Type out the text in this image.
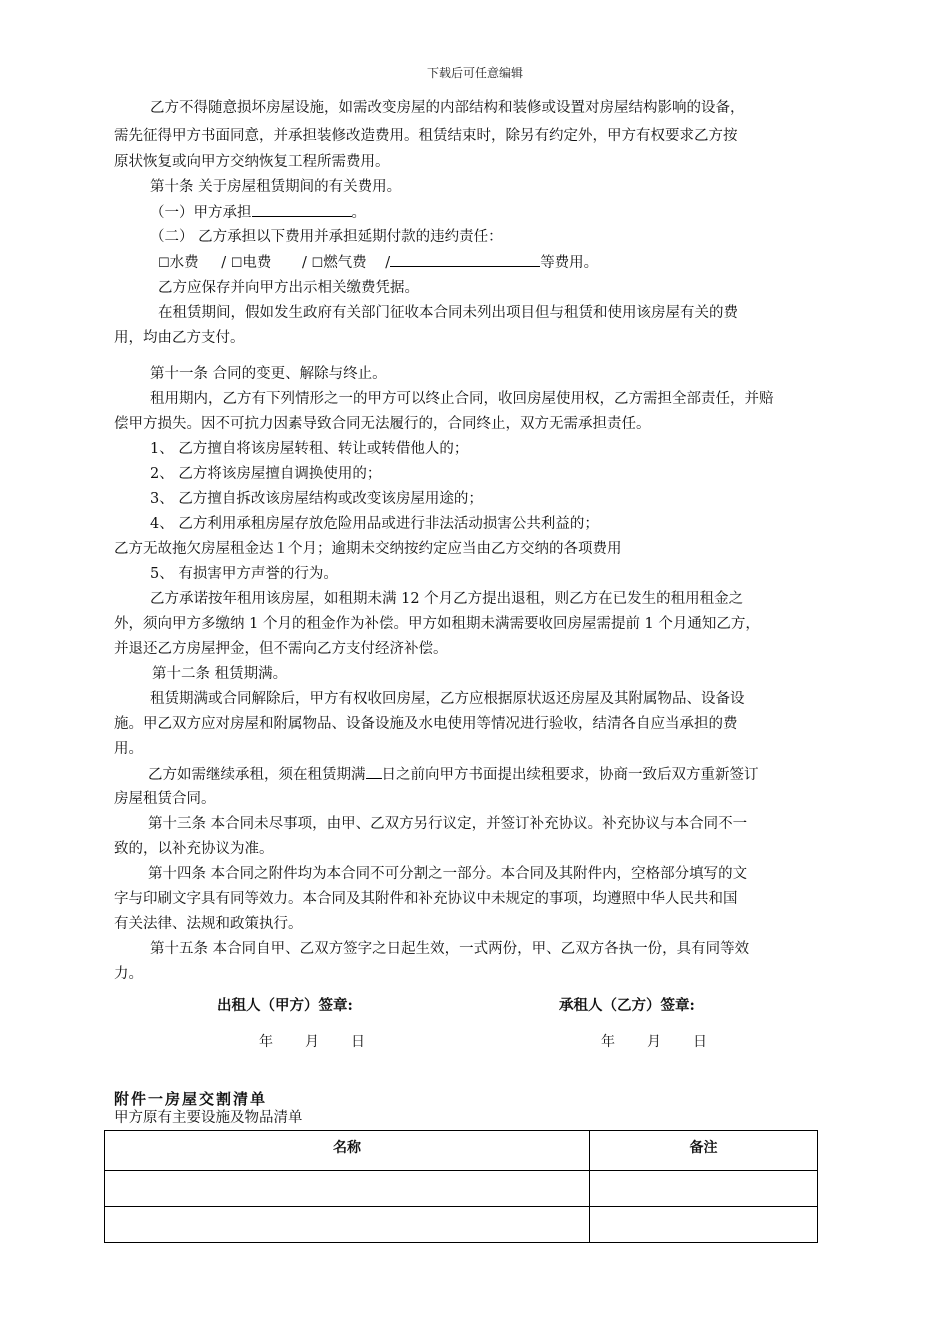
下载后可任意编辑
乙方不得随意损坏房屋设施，如需改变房屋的内部结构和装修或设置对房屋结构影响的设备，
需先征得甲方书面同意，并承担装修改造费用。租赁结束时，除另有约定外，甲方有权要求乙方按
原状恢复或向甲方交纳恢复工程所需费用。
第十条 关于房屋租赁期间的有关费用。
（一）甲方承担	。
（二） 乙方承担以下费用并承担延期付款的违约责任：
☐水费 / ☐电费 / ☐燃气费 /	等费用。
乙方应保存并向甲方出示相关缴费凭据。
在租赁期间，假如发生政府有关部门征收本合同未列出项目但与租赁和使用该房屋有关的费
用，均由乙方支付。
第十一条 合同的变更、解除与终止。
租用期内，乙方有下列情形之一的甲方可以终止合同，收回房屋使用权，乙方需担全部责任，并赔
偿甲方损失。因不可抗力因素导致合同无法履行的，合同终止，双方无需承担责任。
1、 乙方擅自将该房屋转租、转让或转借他人的；
2、 乙方将该房屋擅自调换使用的；
3、 乙方擅自拆改该房屋结构或改变该房屋用途的；
4、 乙方利用承租房屋存放危险用品或进行非法活动损害公共利益的；
乙方无故拖欠房屋租金达１个月；逾期未交纳按约定应当由乙方交纳的各项费用
5、 有损害甲方声誉的行为。
乙方承诺按年租用该房屋，如租期未满 12 个月乙方提出退租，则乙方在已发生的租用租金之
外，须向甲方多缴纳 1 个月的租金作为补偿。甲方如租期未满需要收回房屋需提前 1 个月通知乙方，
并退还乙方房屋押金，但不需向乙方支付经济补偿。
第十二条 租赁期满。
租赁期满或合同解除后，甲方有权收回房屋，乙方应根据原状返还房屋及其附属物品、设备设
施。甲乙双方应对房屋和附属物品、设备设施及水电使用等情况进行验收，结清各自应当承担的费
用。
乙方如需继续承租，须在租赁期满 日之前向甲方书面提出续租要求，协商一致后双方重新签订
房屋租赁合同。
第十三条 本合同未尽事项，由甲、乙双方另行议定，并签订补充协议。补充协议与本合同不一
致的，以补充协议为准。
第十四条 本合同之附件均为本合同不可分割之一部分。本合同及其附件内，空格部分填写的文
字与印刷文字具有同等效力。本合同及其附件和补充协议中未规定的事项，均遵照中华人民共和国
有关法律、法规和政策执行。
第十五条 本合同自甲、乙双方签字之日起生效，一式两份，甲、乙双方各执一份，具有同等效
力。
出租人（甲方）签章:	承租人（乙方）签章:
年 月 日	年 月 日
附件一房屋交割清单
甲方原有主要设施及物品清单
名称	备注
